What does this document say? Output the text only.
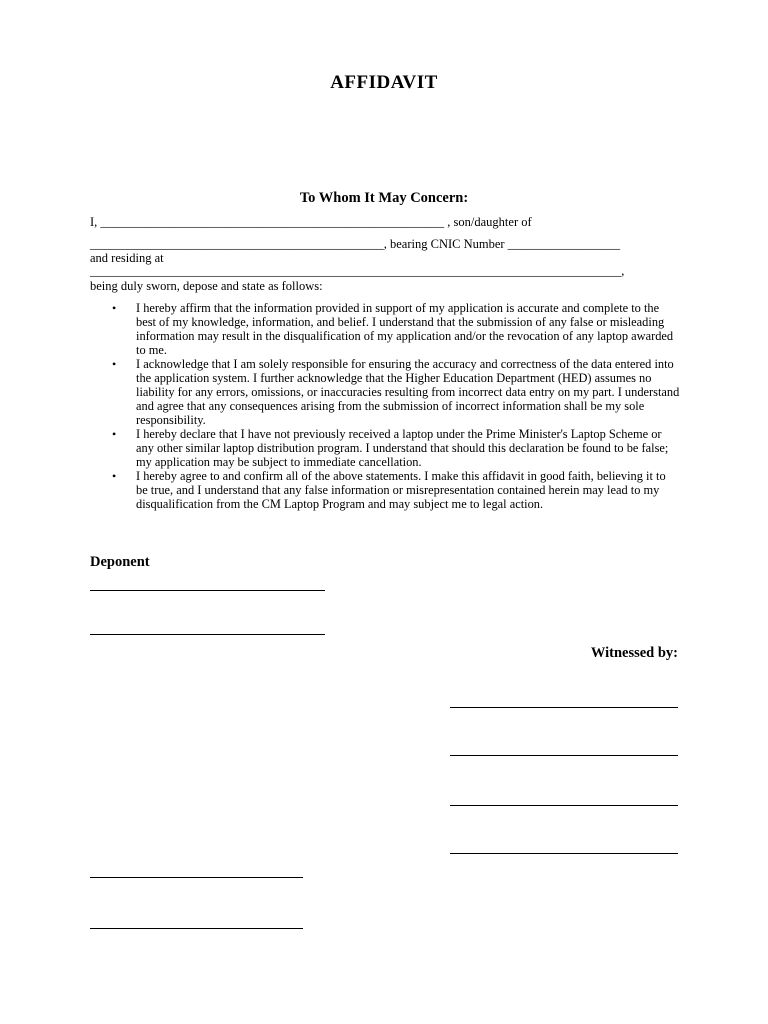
AFFIDAVIT
To Whom It May Concern:
I, _______________________________________________________ , son/daughter of
_______________________________________________, bearing CNIC Number __________________
and residing at
_____________________________________________________________________________________,
being duly sworn, depose and state as follows:
• I hereby affirm that the information provided in support of my application is accurate and complete to the best of my knowledge, information, and belief. I understand that the submission of any false or misleading information may result in the disqualification of my application and/or the revocation of any laptop awarded to me.
• I acknowledge that I am solely responsible for ensuring the accuracy and correctness of the data entered into the application system. I further acknowledge that the Higher Education Department (HED) assumes no liability for any errors, omissions, or inaccuracies resulting from incorrect data entry on my part. I understand and agree that any consequences arising from the submission of incorrect information shall be my sole responsibility.
• I hereby declare that I have not previously received a laptop under the Prime Minister's Laptop Scheme or any other similar laptop distribution program. I understand that should this declaration be found to be false; my application may be subject to immediate cancellation.
• I hereby agree to and confirm all of the above statements. I make this affidavit in good faith, believing it to be true, and I understand that any false information or misrepresentation contained herein may lead to my disqualification from the CM Laptop Program and may subject me to legal action.
Deponent
Witnessed by:
